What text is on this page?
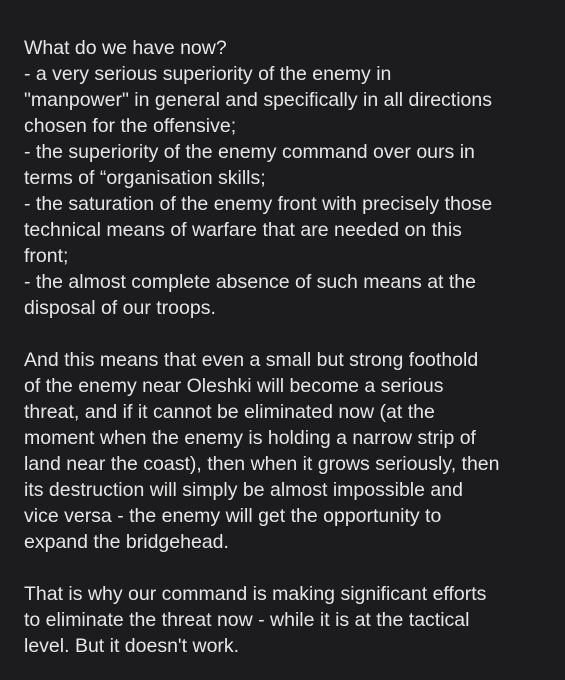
What do we have now?
- a very serious superiority of the enemy in
"manpower" in general and specifically in all directions
chosen for the offensive;
- the superiority of the enemy command over ours in
terms of “organisation skills;
- the saturation of the enemy front with precisely those
technical means of warfare that are needed on this
front;
- the almost complete absence of such means at the
disposal of our troops.
And this means that even a small but strong foothold
of the enemy near Oleshki will become a serious
threat, and if it cannot be eliminated now (at the
moment when the enemy is holding a narrow strip of
land near the coast), then when it grows seriously, then
its destruction will simply be almost impossible and
vice versa - the enemy will get the opportunity to
expand the bridgehead.
That is why our command is making significant efforts
to eliminate the threat now - while it is at the tactical
level. But it doesn't work.
